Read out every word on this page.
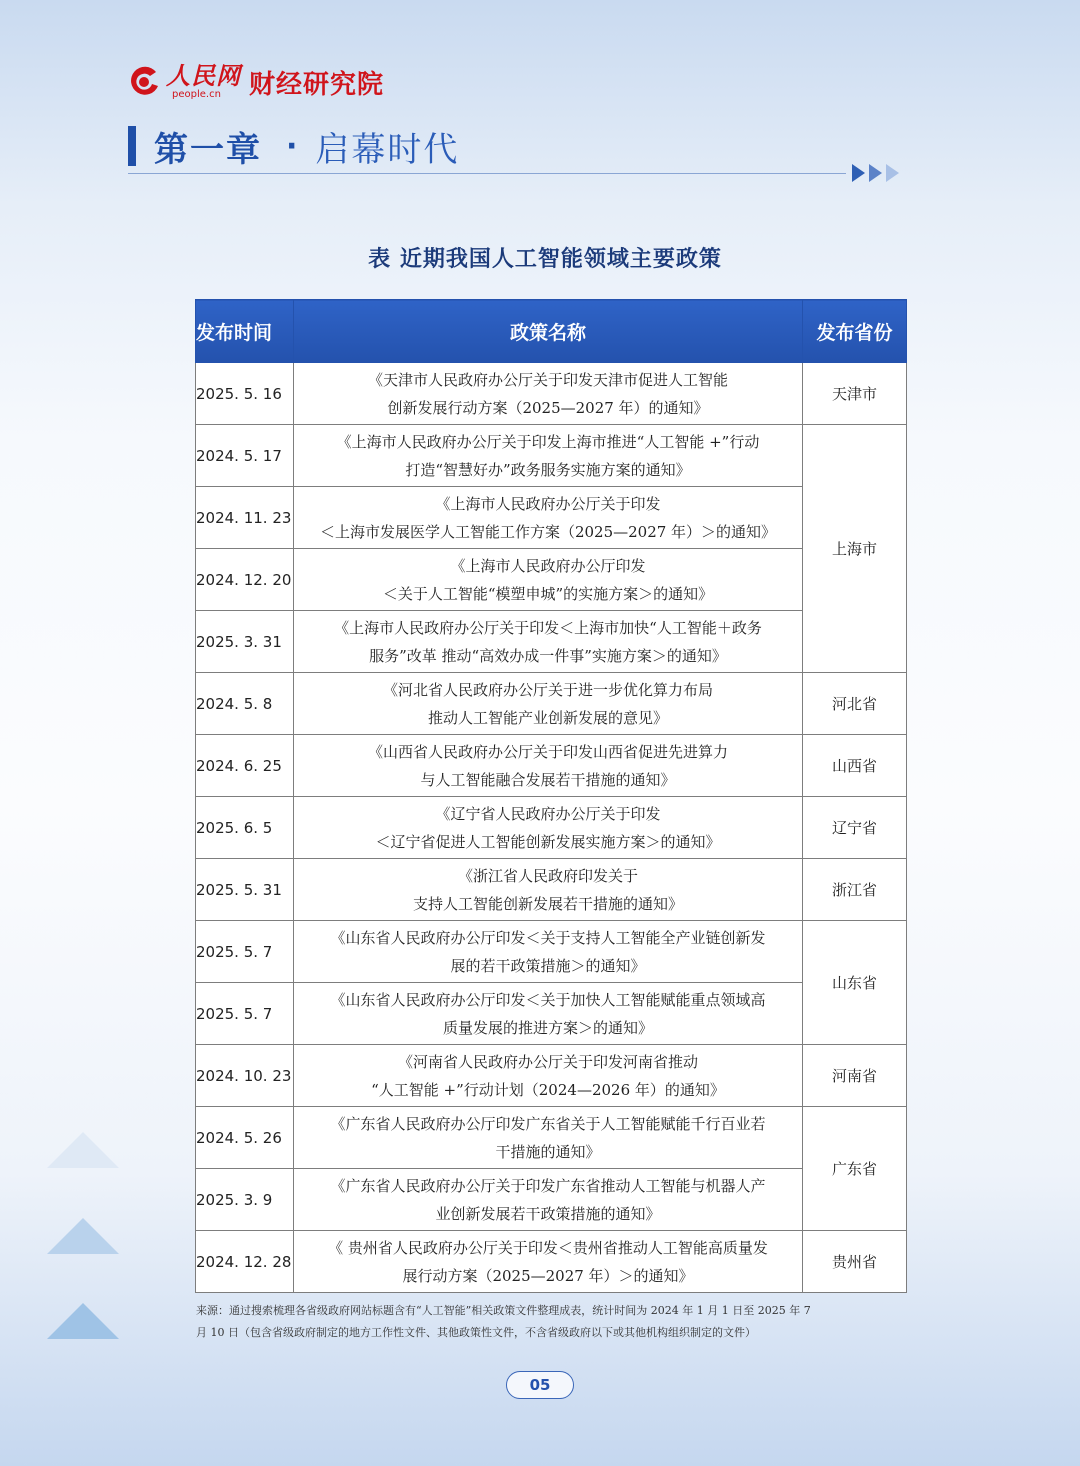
人民网
people.cn	财经研究院
第一章 · 启幕时代
表 近期我国人工智能领域主要政策
发布时间	政策名称	发布省份
2025. 5. 16	《天津市人民政府办公厅关于印发天津市促进人工智能
创新发展行动方案（2025—2027 年）的通知》	天津市
2024. 5. 17	《上海市人民政府办公厅关于印发上海市推进“人工智能 +”行动
打造“智慧好办”政务服务实施方案的通知》	上海市
2024. 11. 23	《上海市人民政府办公厅关于印发
＜上海市发展医学人工智能工作方案（2025—2027 年）＞的通知》	
2024. 12. 20	《上海市人民政府办公厅印发
＜关于人工智能“模塑申城”的实施方案＞的通知》	
2025. 3. 31	《上海市人民政府办公厅关于印发＜上海市加快“人工智能＋政务
服务”改革 推动“高效办成一件事”实施方案＞的通知》	
2024. 5. 8	《河北省人民政府办公厅关于进一步优化算力布局
推动人工智能产业创新发展的意见》	河北省
2024. 6. 25	《山西省人民政府办公厅关于印发山西省促进先进算力
与人工智能融合发展若干措施的通知》	山西省
2025. 6. 5	《辽宁省人民政府办公厅关于印发
＜辽宁省促进人工智能创新发展实施方案＞的通知》	辽宁省
2025. 5. 31	《浙江省人民政府印发关于
支持人工智能创新发展若干措施的通知》	浙江省
2025. 5. 7	《山东省人民政府办公厅印发＜关于支持人工智能全产业链创新发
展的若干政策措施＞的通知》	山东省
2025. 5. 7	《山东省人民政府办公厅印发＜关于加快人工智能赋能重点领域高
质量发展的推进方案＞的通知》	
2024. 10. 23	《河南省人民政府办公厅关于印发河南省推动
“人工智能 +”行动计划（2024—2026 年）的通知》	河南省
2024. 5. 26	《广东省人民政府办公厅印发广东省关于人工智能赋能千行百业若
干措施的通知》	广东省
2025. 3. 9	《广东省人民政府办公厅关于印发广东省推动人工智能与机器人产
业创新发展若干政策措施的通知》	
2024. 12. 28	《 贵州省人民政府办公厅关于印发＜贵州省推动人工智能高质量发
展行动方案（2025—2027 年）＞的通知》	贵州省
来源：通过搜索梳理各省级政府网站标题含有“人工智能”相关政策文件整理成表，统计时间为 2024 年 1 月 1 日至 2025 年 7
月 10 日（包含省级政府制定的地方工作性文件、其他政策性文件，不含省级政府以下或其他机构组织制定的文件）
05
